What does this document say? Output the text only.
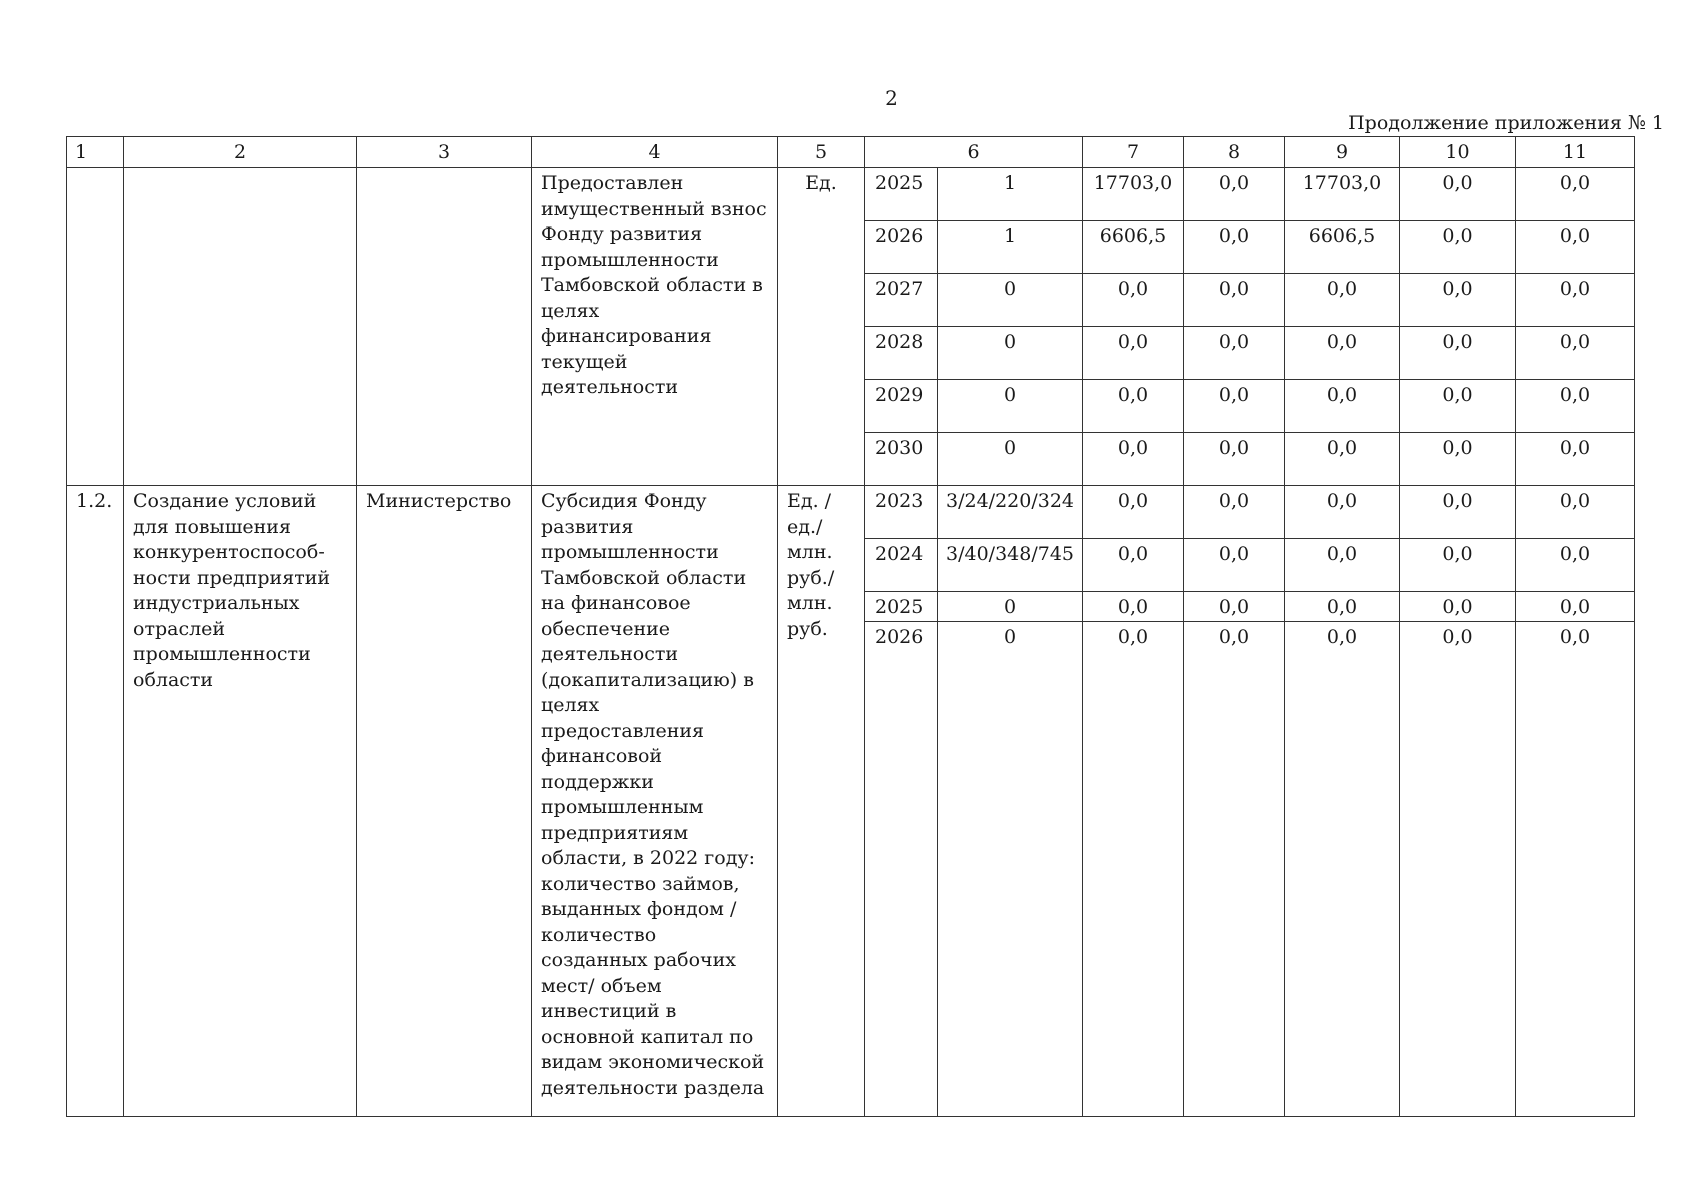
2
Продолжение приложения № 1
1	2	3	4	5	6		7	8	9	10	11
			Предоставлен имущественный взнос Фонду развития промышленности Тамбовской области в целях финансирования текущей деятельности	Ед.	2025	1	17703,0	0,0	17703,0	0,0	0,0
					2026	1	6606,5	0,0	6606,5	0,0	0,0
					2027	0	0,0	0,0	0,0	0,0	0,0
					2028	0	0,0	0,0	0,0	0,0	0,0
					2029	0	0,0	0,0	0,0	0,0	0,0
					2030	0	0,0	0,0	0,0	0,0	0,0
1.2.	Создание условий для повышения конкурентоспособности предприятий индустриальных отраслей промышленности области	Министерство	Субсидия Фонду развития промышленности Тамбовской области на финансовое обеспечение деятельности (докапитализацию) в целях предоставления финансовой поддержки промышленным предприятиям области, в 2022 году: количество займов, выданных фондом / количество созданных рабочих мест/ объем инвестиций в основной капитал по видам экономической деятельности раздела	Ед. / ед./ млн. руб./ млн. руб.	2023	3/24/220/324	0,0	0,0	0,0	0,0	0,0
					2024	3/40/348/745	0,0	0,0	0,0	0,0	0,0
					2025	0	0,0	0,0	0,0	0,0	0,0
					2026	0	0,0	0,0	0,0	0,0	0,0
